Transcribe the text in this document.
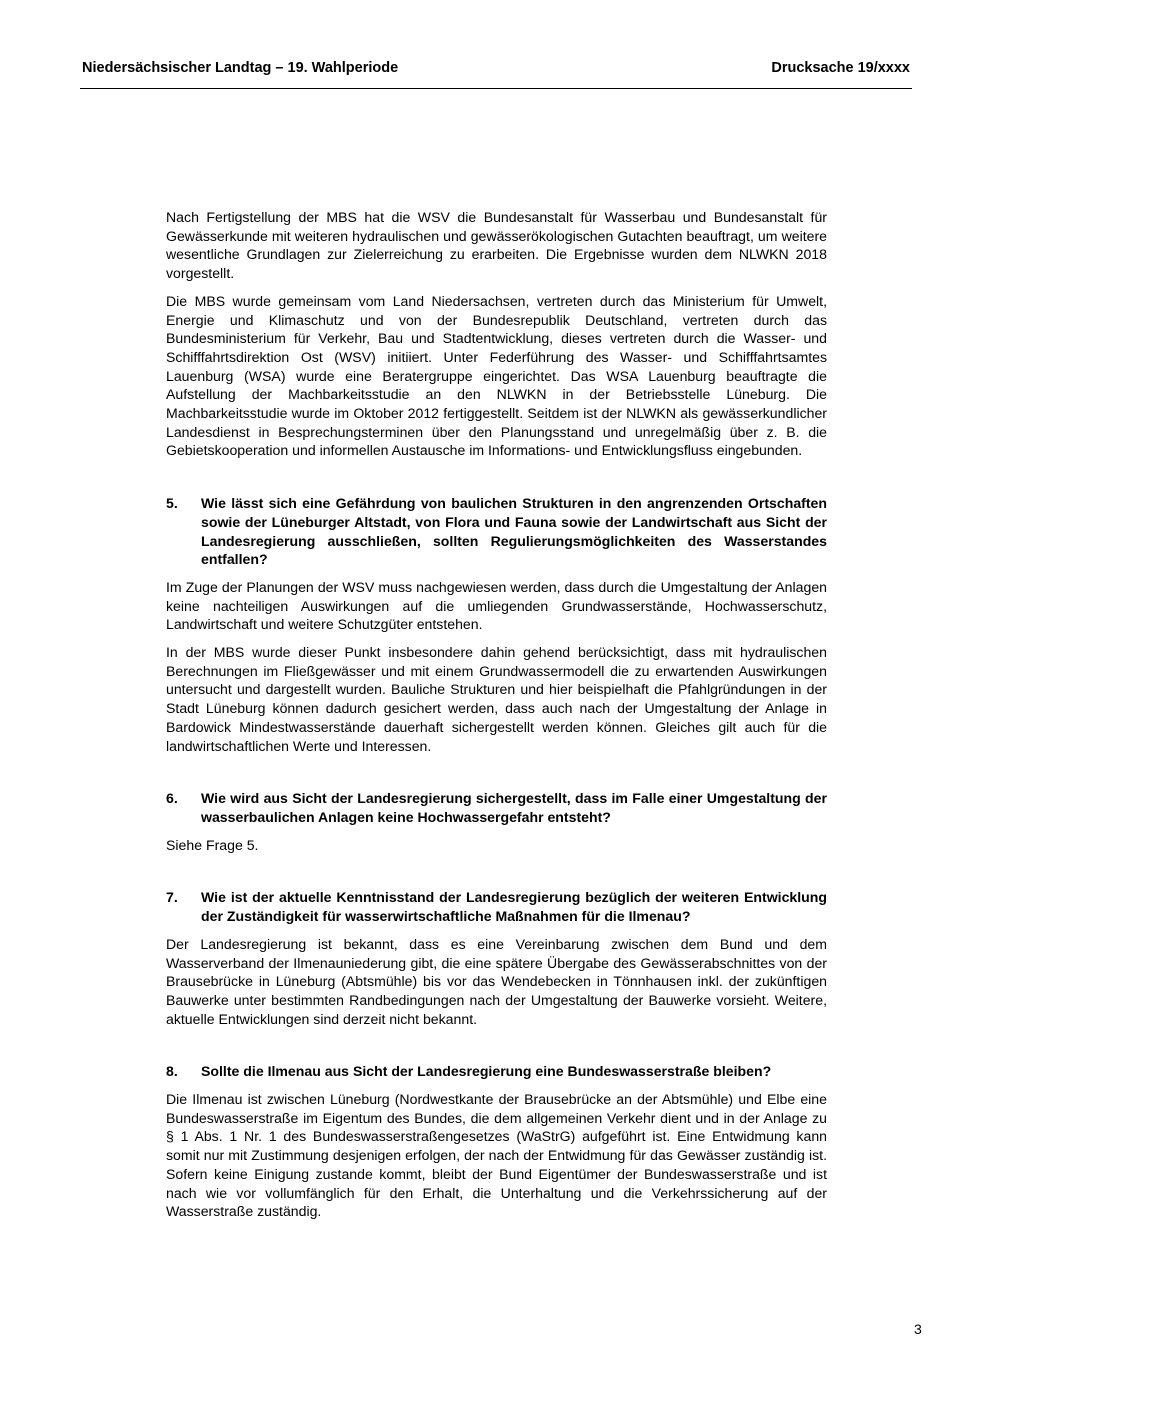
Niedersächsischer Landtag – 19. Wahlperiode	Drucksache 19/xxxx

Nach Fertigstellung der MBS hat die WSV die Bundesanstalt für Wasserbau und Bundesanstalt für Gewässerkunde mit weiteren hydraulischen und gewässerökologischen Gutachten beauftragt, um weitere wesentliche Grundlagen zur Zielerreichung zu erarbeiten. Die Ergebnisse wurden dem NLWKN 2018 vorgestellt.

Die MBS wurde gemeinsam vom Land Niedersachsen, vertreten durch das Ministerium für Umwelt, Energie und Klimaschutz und von der Bundesrepublik Deutschland, vertreten durch das Bundesministerium für Verkehr, Bau und Stadtentwicklung, dieses vertreten durch die Wasser- und Schifffahrtsdirektion Ost (WSV) initiiert. Unter Federführung des Wasser- und Schifffahrtsamtes Lauenburg (WSA) wurde eine Beratergruppe eingerichtet. Das WSA Lauenburg beauftragte die Aufstellung der Machbarkeitsstudie an den NLWKN in der Betriebsstelle Lüneburg. Die Machbarkeitsstudie wurde im Oktober 2012 fertiggestellt. Seitdem ist der NLWKN als gewässerkundlicher Landesdienst in Besprechungsterminen über den Planungsstand und unregelmäßig über z. B. die Gebietskooperation und informellen Austausche im Informations- und Entwicklungsfluss eingebunden.

5.	Wie lässt sich eine Gefährdung von baulichen Strukturen in den angrenzenden Ortschaften sowie der Lüneburger Altstadt, von Flora und Fauna sowie der Landwirtschaft aus Sicht der Landesregierung ausschließen, sollten Regulierungsmöglichkeiten des Wasserstandes entfallen?

Im Zuge der Planungen der WSV muss nachgewiesen werden, dass durch die Umgestaltung der Anlagen keine nachteiligen Auswirkungen auf die umliegenden Grundwasserstände, Hochwasserschutz, Landwirtschaft und weitere Schutzgüter entstehen.

In der MBS wurde dieser Punkt insbesondere dahin gehend berücksichtigt, dass mit hydraulischen Berechnungen im Fließgewässer und mit einem Grundwassermodell die zu erwartenden Auswirkungen untersucht und dargestellt wurden. Bauliche Strukturen und hier beispielhaft die Pfahlgründungen in der Stadt Lüneburg können dadurch gesichert werden, dass auch nach der Umgestaltung der Anlage in Bardowick Mindestwasserstände dauerhaft sichergestellt werden können. Gleiches gilt auch für die landwirtschaftlichen Werte und Interessen.

6.	Wie wird aus Sicht der Landesregierung sichergestellt, dass im Falle einer Umgestaltung der wasserbaulichen Anlagen keine Hochwassergefahr entsteht?

Siehe Frage 5.

7.	Wie ist der aktuelle Kenntnisstand der Landesregierung bezüglich der weiteren Entwicklung der Zuständigkeit für wasserwirtschaftliche Maßnahmen für die Ilmenau?

Der Landesregierung ist bekannt, dass es eine Vereinbarung zwischen dem Bund und dem Wasserverband der Ilmenauniederung gibt, die eine spätere Übergabe des Gewässerabschnittes von der Brausebrücke in Lüneburg (Abtsmühle) bis vor das Wendebecken in Tönnhausen inkl. der zukünftigen Bauwerke unter bestimmten Randbedingungen nach der Umgestaltung der Bauwerke vorsieht. Weitere, aktuelle Entwicklungen sind derzeit nicht bekannt.

8.	Sollte die Ilmenau aus Sicht der Landesregierung eine Bundeswasserstraße bleiben?

Die Ilmenau ist zwischen Lüneburg (Nordwestkante der Brausebrücke an der Abtsmühle) und Elbe eine Bundeswasserstraße im Eigentum des Bundes, die dem allgemeinen Verkehr dient und in der Anlage zu § 1 Abs. 1 Nr. 1 des Bundeswasserstraßengesetzes (WaStrG) aufgeführt ist. Eine Entwidmung kann somit nur mit Zustimmung desjenigen erfolgen, der nach der Entwidmung für das Gewässer zuständig ist. Sofern keine Einigung zustande kommt, bleibt der Bund Eigentümer der Bundeswasserstraße und ist nach wie vor vollumfänglich für den Erhalt, die Unterhaltung und die Verkehrssicherung auf der Wasserstraße zuständig.

3
